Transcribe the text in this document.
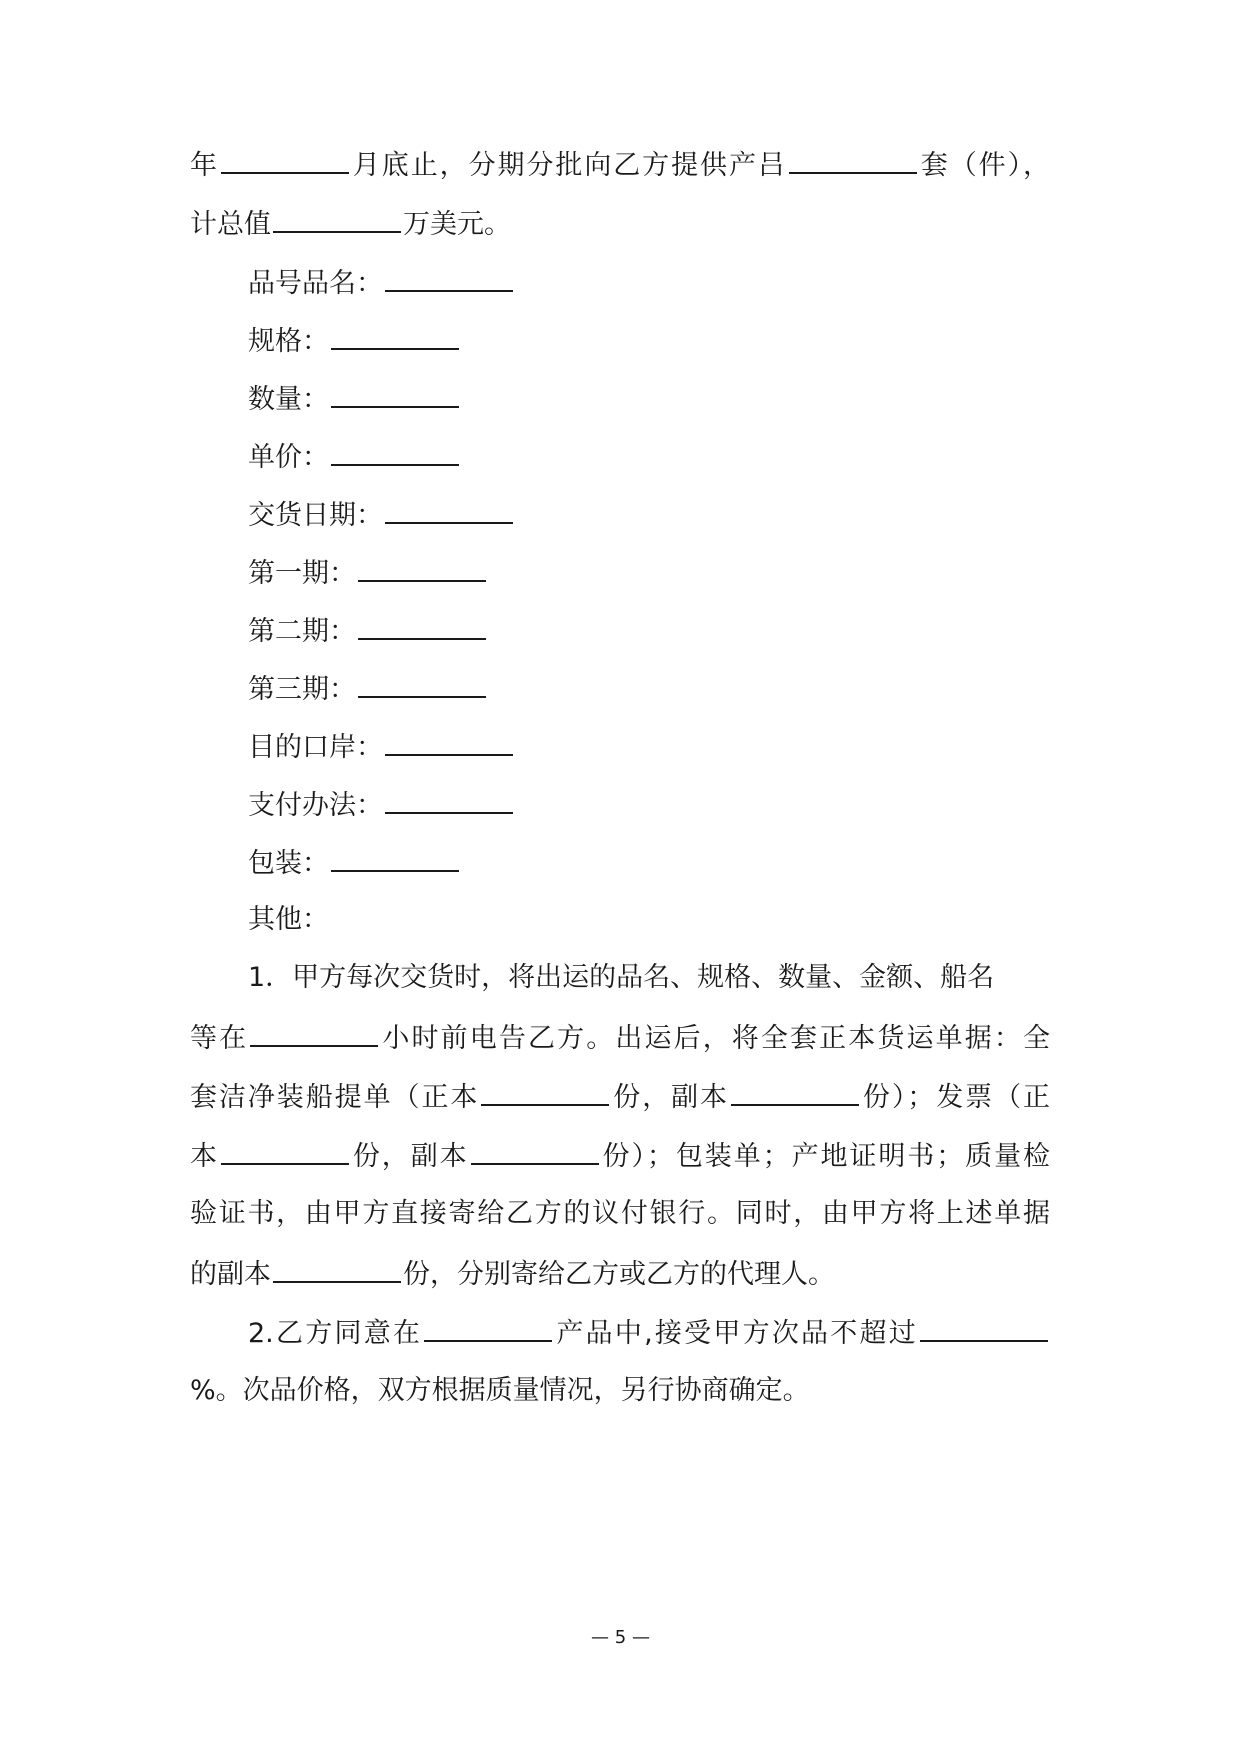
年	月底止，分期分批向乙方提供产吕	套（件），
计总值	万美元。
品号品名：
规格：
数量：
单价：
交货日期：
第一期：
第二期：
第三期：
目的口岸：
支付办法：
包装：
其他：
1．甲方每次交货时，将出运的品名、规格、数量、金额、船名
等在	小时前电告乙方。出运后，将全套正本货运单据：全
套洁净装船提单（正本	份，副本	份）；发票（正
本	份，副本	份）；包装单；产地证明书；质量检
验证书，由甲方直接寄给乙方的议付银行。同时，由甲方将上述单据
的副本	份，分别寄给乙方或乙方的代理人。
2.乙方同意在	产品中,接受甲方次品不超过
%。次品价格，双方根据质量情况，另行协商确定。
— 5 —
